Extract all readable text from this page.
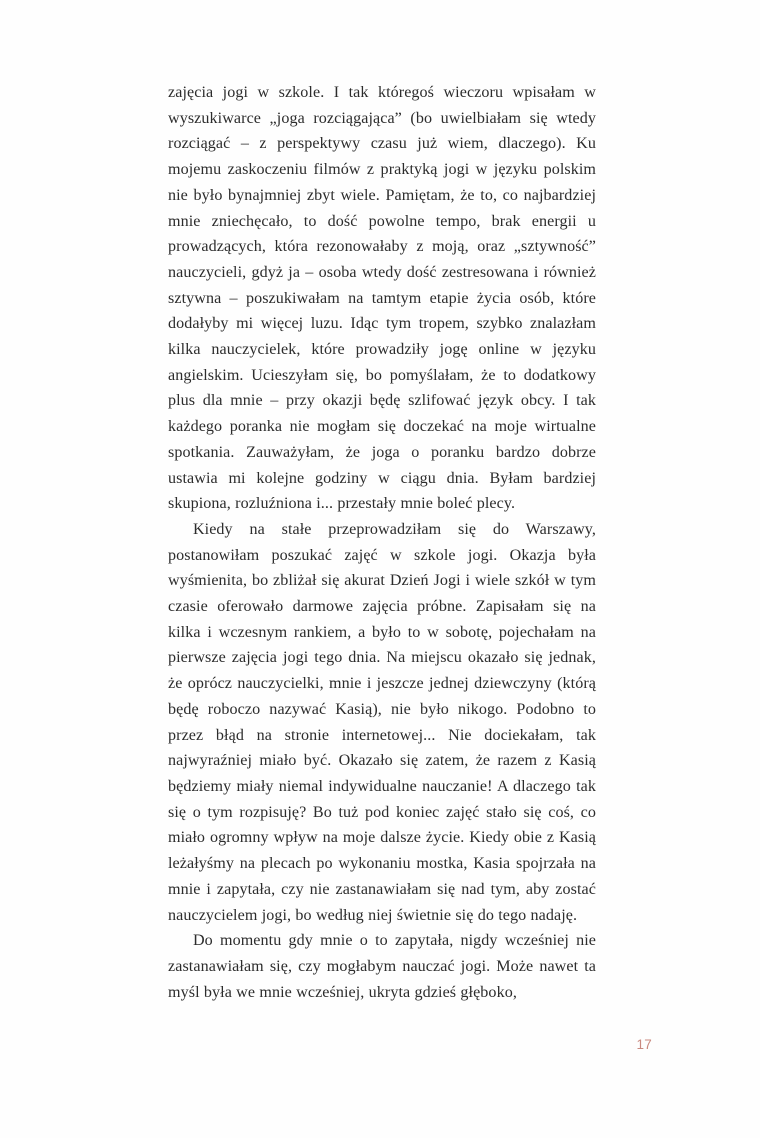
zajęcia jogi w szkole. I tak któregoś wieczoru wpisałam w wyszukiwarce „joga rozciągająca” (bo uwielbiałam się wtedy rozciągać – z perspektywy czasu już wiem, dlaczego). Ku mojemu zaskoczeniu filmów z praktyką jogi w języku polskim nie było bynajmniej zbyt wiele. Pamiętam, że to, co najbardziej mnie zniechęcało, to dość powolne tempo, brak energii u prowadzących, która rezonowałaby z moją, oraz „sztywność” nauczycieli, gdyż ja – osoba wtedy dość zestresowana i również sztywna – poszukiwałam na tamtym etapie życia osób, które dodałyby mi więcej luzu. Idąc tym tropem, szybko znalazłam kilka nauczycielek, które prowadziły jogę online w języku angielskim. Ucieszyłam się, bo pomyślałam, że to dodatkowy plus dla mnie – przy okazji będę szlifować język obcy. I tak każdego poranka nie mogłam się doczekać na moje wirtualne spotkania. Zauważyłam, że joga o poranku bardzo dobrze ustawia mi kolejne godziny w ciągu dnia. Byłam bardziej skupiona, rozluźniona i... przestały mnie boleć plecy.

Kiedy na stałe przeprowadziłam się do Warszawy, postanowiłam poszukać zajęć w szkole jogi. Okazja była wyśmienita, bo zbliżał się akurat Dzień Jogi i wiele szkół w tym czasie oferowało darmowe zajęcia próbne. Zapisałam się na kilka i wczesnym rankiem, a było to w sobotę, pojechałam na pierwsze zajęcia jogi tego dnia. Na miejscu okazało się jednak, że oprócz nauczycielki, mnie i jeszcze jednej dziewczyny (którą będę roboczo nazywać Kasią), nie było nikogo. Podobno to przez błąd na stronie internetowej... Nie dociekałam, tak najwyraźniej miało być. Okazało się zatem, że razem z Kasią będziemy miały niemal indywidualne nauczanie! A dlaczego tak się o tym rozpisuję? Bo tuż pod koniec zajęć stało się coś, co miało ogromny wpływ na moje dalsze życie. Kiedy obie z Kasią leżałyśmy na plecach po wykonaniu mostka, Kasia spojrzała na mnie i zapytała, czy nie zastanawiałam się nad tym, aby zostać nauczycielem jogi, bo według niej świetnie się do tego nadaję.

Do momentu gdy mnie o to zapytała, nigdy wcześniej nie zastanawiałam się, czy mogłabym nauczać jogi. Może nawet ta myśl była we mnie wcześniej, ukryta gdzieś głęboko,

17
